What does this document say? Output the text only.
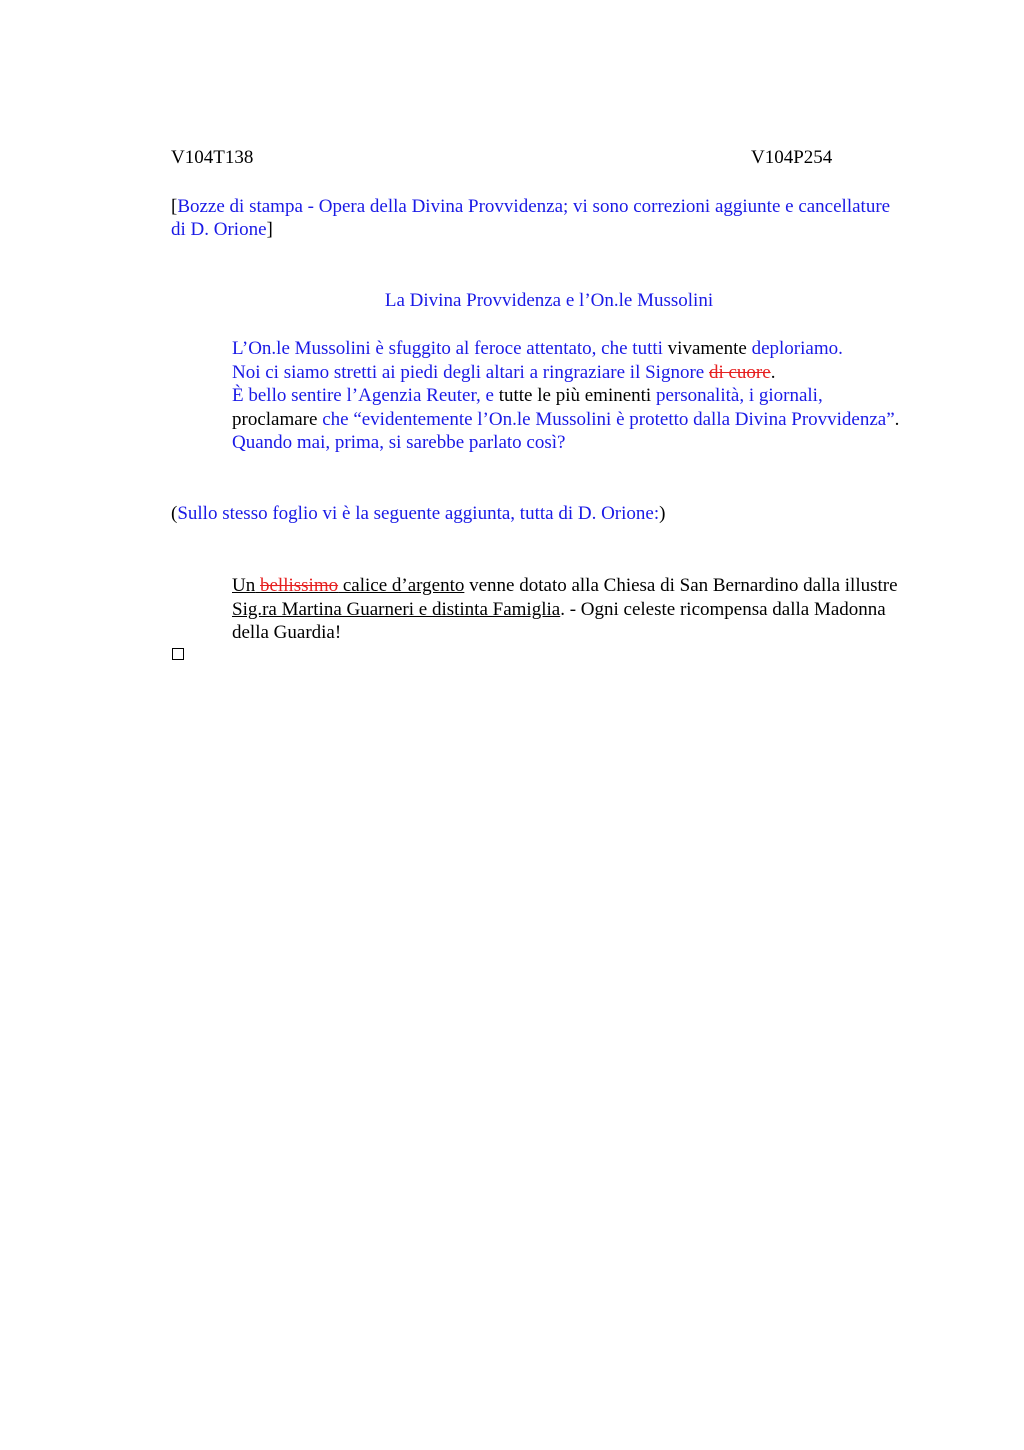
V104T138	V104P254
[Bozze di stampa - Opera della Divina Provvidenza; vi sono correzioni aggiunte e cancellature di D. Orione]
La Divina Provvidenza e l’On.le Mussolini

L’On.le Mussolini è sfuggito al feroce attentato, che tutti vivamente deploriamo.

Noi ci siamo stretti ai piedi degli altari a ringraziare il Signore di cuore.

È bello sentire l’Agenzia Reuter, e tutte le più eminenti personalità, i giornali, proclamare che “evidentemente l’On.le Mussolini è protetto dalla Divina Provvidenza”.

Quando mai, prima, si sarebbe parlato così?

(Sullo stesso foglio vi è la seguente aggiunta, tutta di D. Orione:)

Un bellissimo calice d’argento venne dotato alla Chiesa di San Bernardino dalla illustre Sig.ra Martina Guarneri e distinta Famiglia. - Ogni celeste ricompensa dalla Madonna della Guardia!
